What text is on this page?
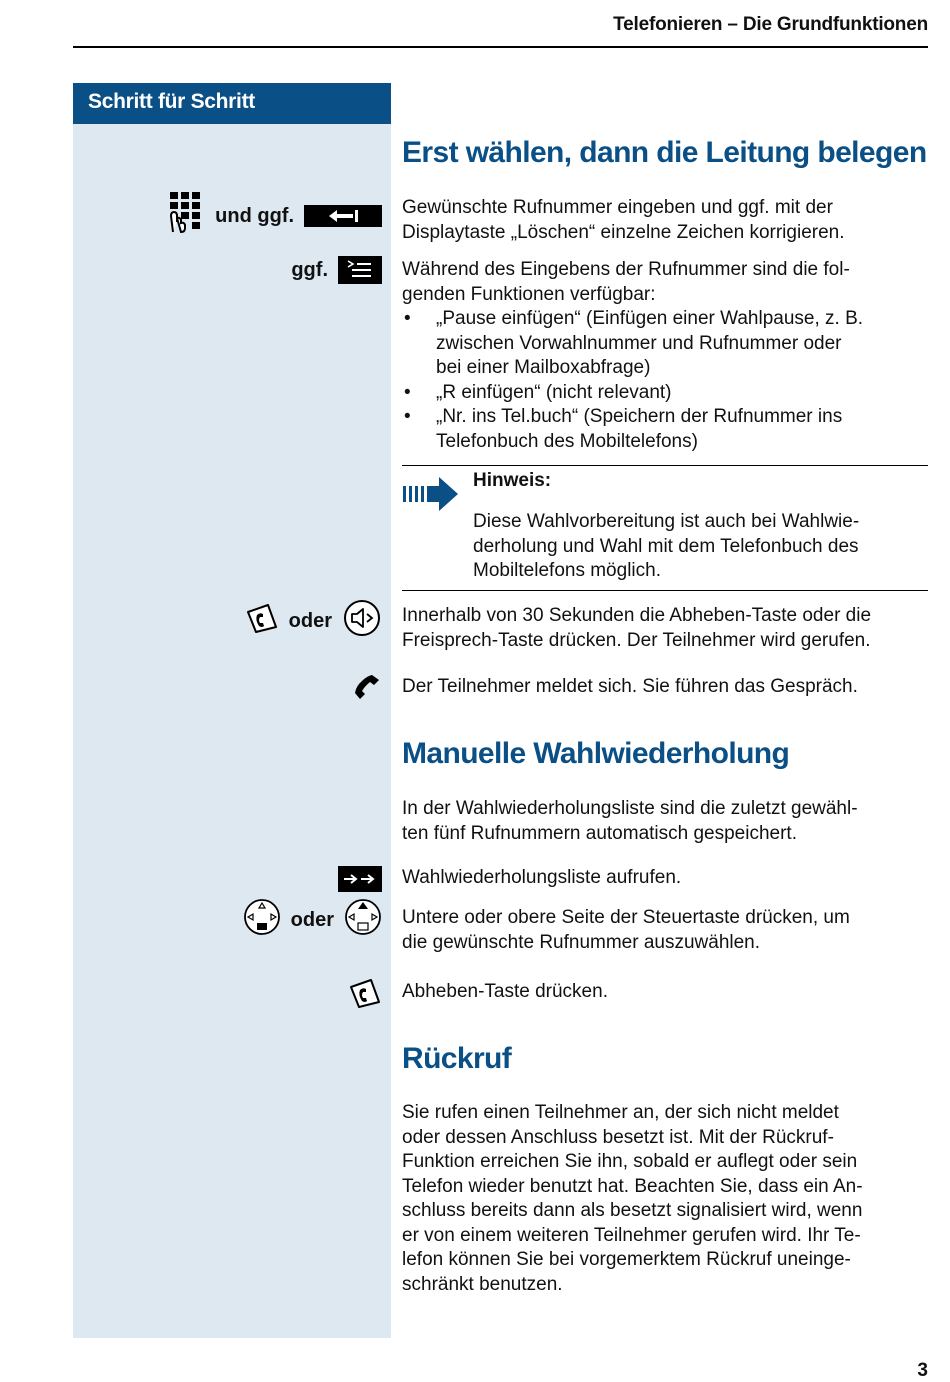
Telefonieren – Die Grundfunktionen
Schritt für Schritt
Erst wählen, dann die Leitung belegen
und ggf.	Gewünschte Rufnummer eingeben und ggf. mit der
Displaytaste „Löschen“ einzelne Zeichen korrigieren.
ggf.	Während des Eingebens der Rufnummer sind die fol-
genden Funktionen verfügbar:
• „Pause einfügen“ (Einfügen einer Wahlpause, z. B.
zwischen Vorwahlnummer und Rufnummer oder
bei einer Mailboxabfrage)
• „R einfügen“ (nicht relevant)
• „Nr. ins Tel.buch“ (Speichern der Rufnummer ins
Telefonbuch des Mobiltelefons)
Hinweis:
Diese Wahlvorbereitung ist auch bei Wahlwie-
derholung und Wahl mit dem Telefonbuch des
Mobiltelefons möglich.
oder	Innerhalb von 30 Sekunden die Abheben-Taste oder die
Freisprech-Taste drücken. Der Teilnehmer wird gerufen.
Der Teilnehmer meldet sich. Sie führen das Gespräch.
Manuelle Wahlwiederholung
In der Wahlwiederholungsliste sind die zuletzt gewähl-
ten fünf Rufnummern automatisch gespeichert.
Wahlwiederholungsliste aufrufen.
oder	Untere oder obere Seite der Steuertaste drücken, um
die gewünschte Rufnummer auszuwählen.
Abheben-Taste drücken.
Rückruf
Sie rufen einen Teilnehmer an, der sich nicht meldet
oder dessen Anschluss besetzt ist. Mit der Rückruf-
Funktion erreichen Sie ihn, sobald er auflegt oder sein
Telefon wieder benutzt hat. Beachten Sie, dass ein An-
schluss bereits dann als besetzt signalisiert wird, wenn
er von einem weiteren Teilnehmer gerufen wird. Ihr Te-
lefon können Sie bei vorgemerktem Rückruf uneinge-
schränkt benutzen.
3
